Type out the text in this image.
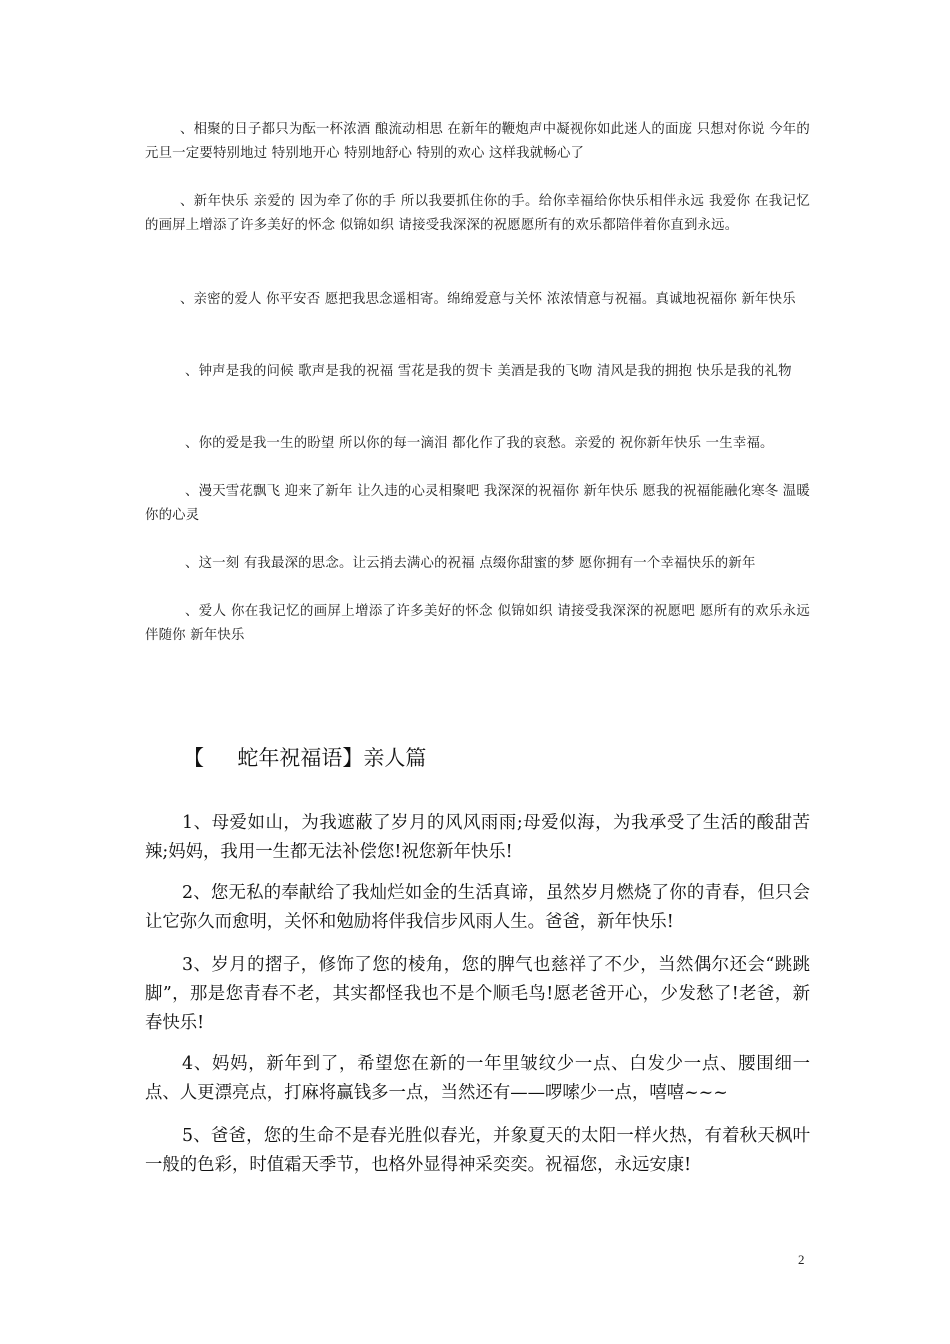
、相聚的日子都只为酝一杯浓酒 酿流动相思 在新年的鞭炮声中凝视你如此迷人的面庞 只想对你说 今年的元旦一定要特别地过 特别地开心 特别地舒心 特别的欢心 这样我就畅心了

、新年快乐 亲爱的 因为牵了你的手 所以我要抓住你的手。给你幸福给你快乐相伴永远 我爱你 在我记忆的画屏上增添了许多美好的怀念 似锦如织 请接受我深深的祝愿愿所有的欢乐都陪伴着你直到永远。

、亲密的爱人 你平安否 愿把我思念遥相寄。绵绵爱意与关怀 浓浓情意与祝福。真诚地祝福你 新年快乐

、钟声是我的问候 歌声是我的祝福 雪花是我的贺卡 美酒是我的飞吻 清风是我的拥抱 快乐是我的礼物

、你的爱是我一生的盼望 所以你的每一滴泪 都化作了我的哀愁。亲爱的 祝你新年快乐 一生幸福。

、漫天雪花飘飞 迎来了新年 让久违的心灵相聚吧 我深深的祝福你 新年快乐 愿我的祝福能融化寒冬 温暖你的心灵

、这一刻 有我最深的思念。让云捎去满心的祝福 点缀你甜蜜的梦 愿你拥有一个幸福快乐的新年

、爱人 你在我记忆的画屏上增添了许多美好的怀念 似锦如织 请接受我深深的祝愿吧 愿所有的欢乐永远伴随你 新年快乐

【     蛇年祝福语】亲人篇

1、母爱如山，为我遮蔽了岁月的风风雨雨;母爱似海，为我承受了生活的酸甜苦辣;妈妈，我用一生都无法补偿您!祝您新年快乐!

2、您无私的奉献给了我灿烂如金的生活真谛，虽然岁月燃烧了你的青春，但只会让它弥久而愈明，关怀和勉励将伴我信步风雨人生。爸爸，新年快乐!

3、岁月的摺子，修饰了您的棱角，您的脾气也慈祥了不少，当然偶尔还会“跳跳脚”，那是您青春不老，其实都怪我也不是个顺毛鸟!愿老爸开心，少发愁了!老爸，新春快乐!

4、妈妈，新年到了，希望您在新的一年里皱纹少一点、白发少一点、腰围细一点、人更漂亮点，打麻将赢钱多一点，当然还有——啰嗦少一点，嘻嘻~~~

5、爸爸，您的生命不是春光胜似春光，并象夏天的太阳一样火热，有着秋天枫叶一般的色彩，时值霜天季节，也格外显得神采奕奕。祝福您，永远安康!

2
